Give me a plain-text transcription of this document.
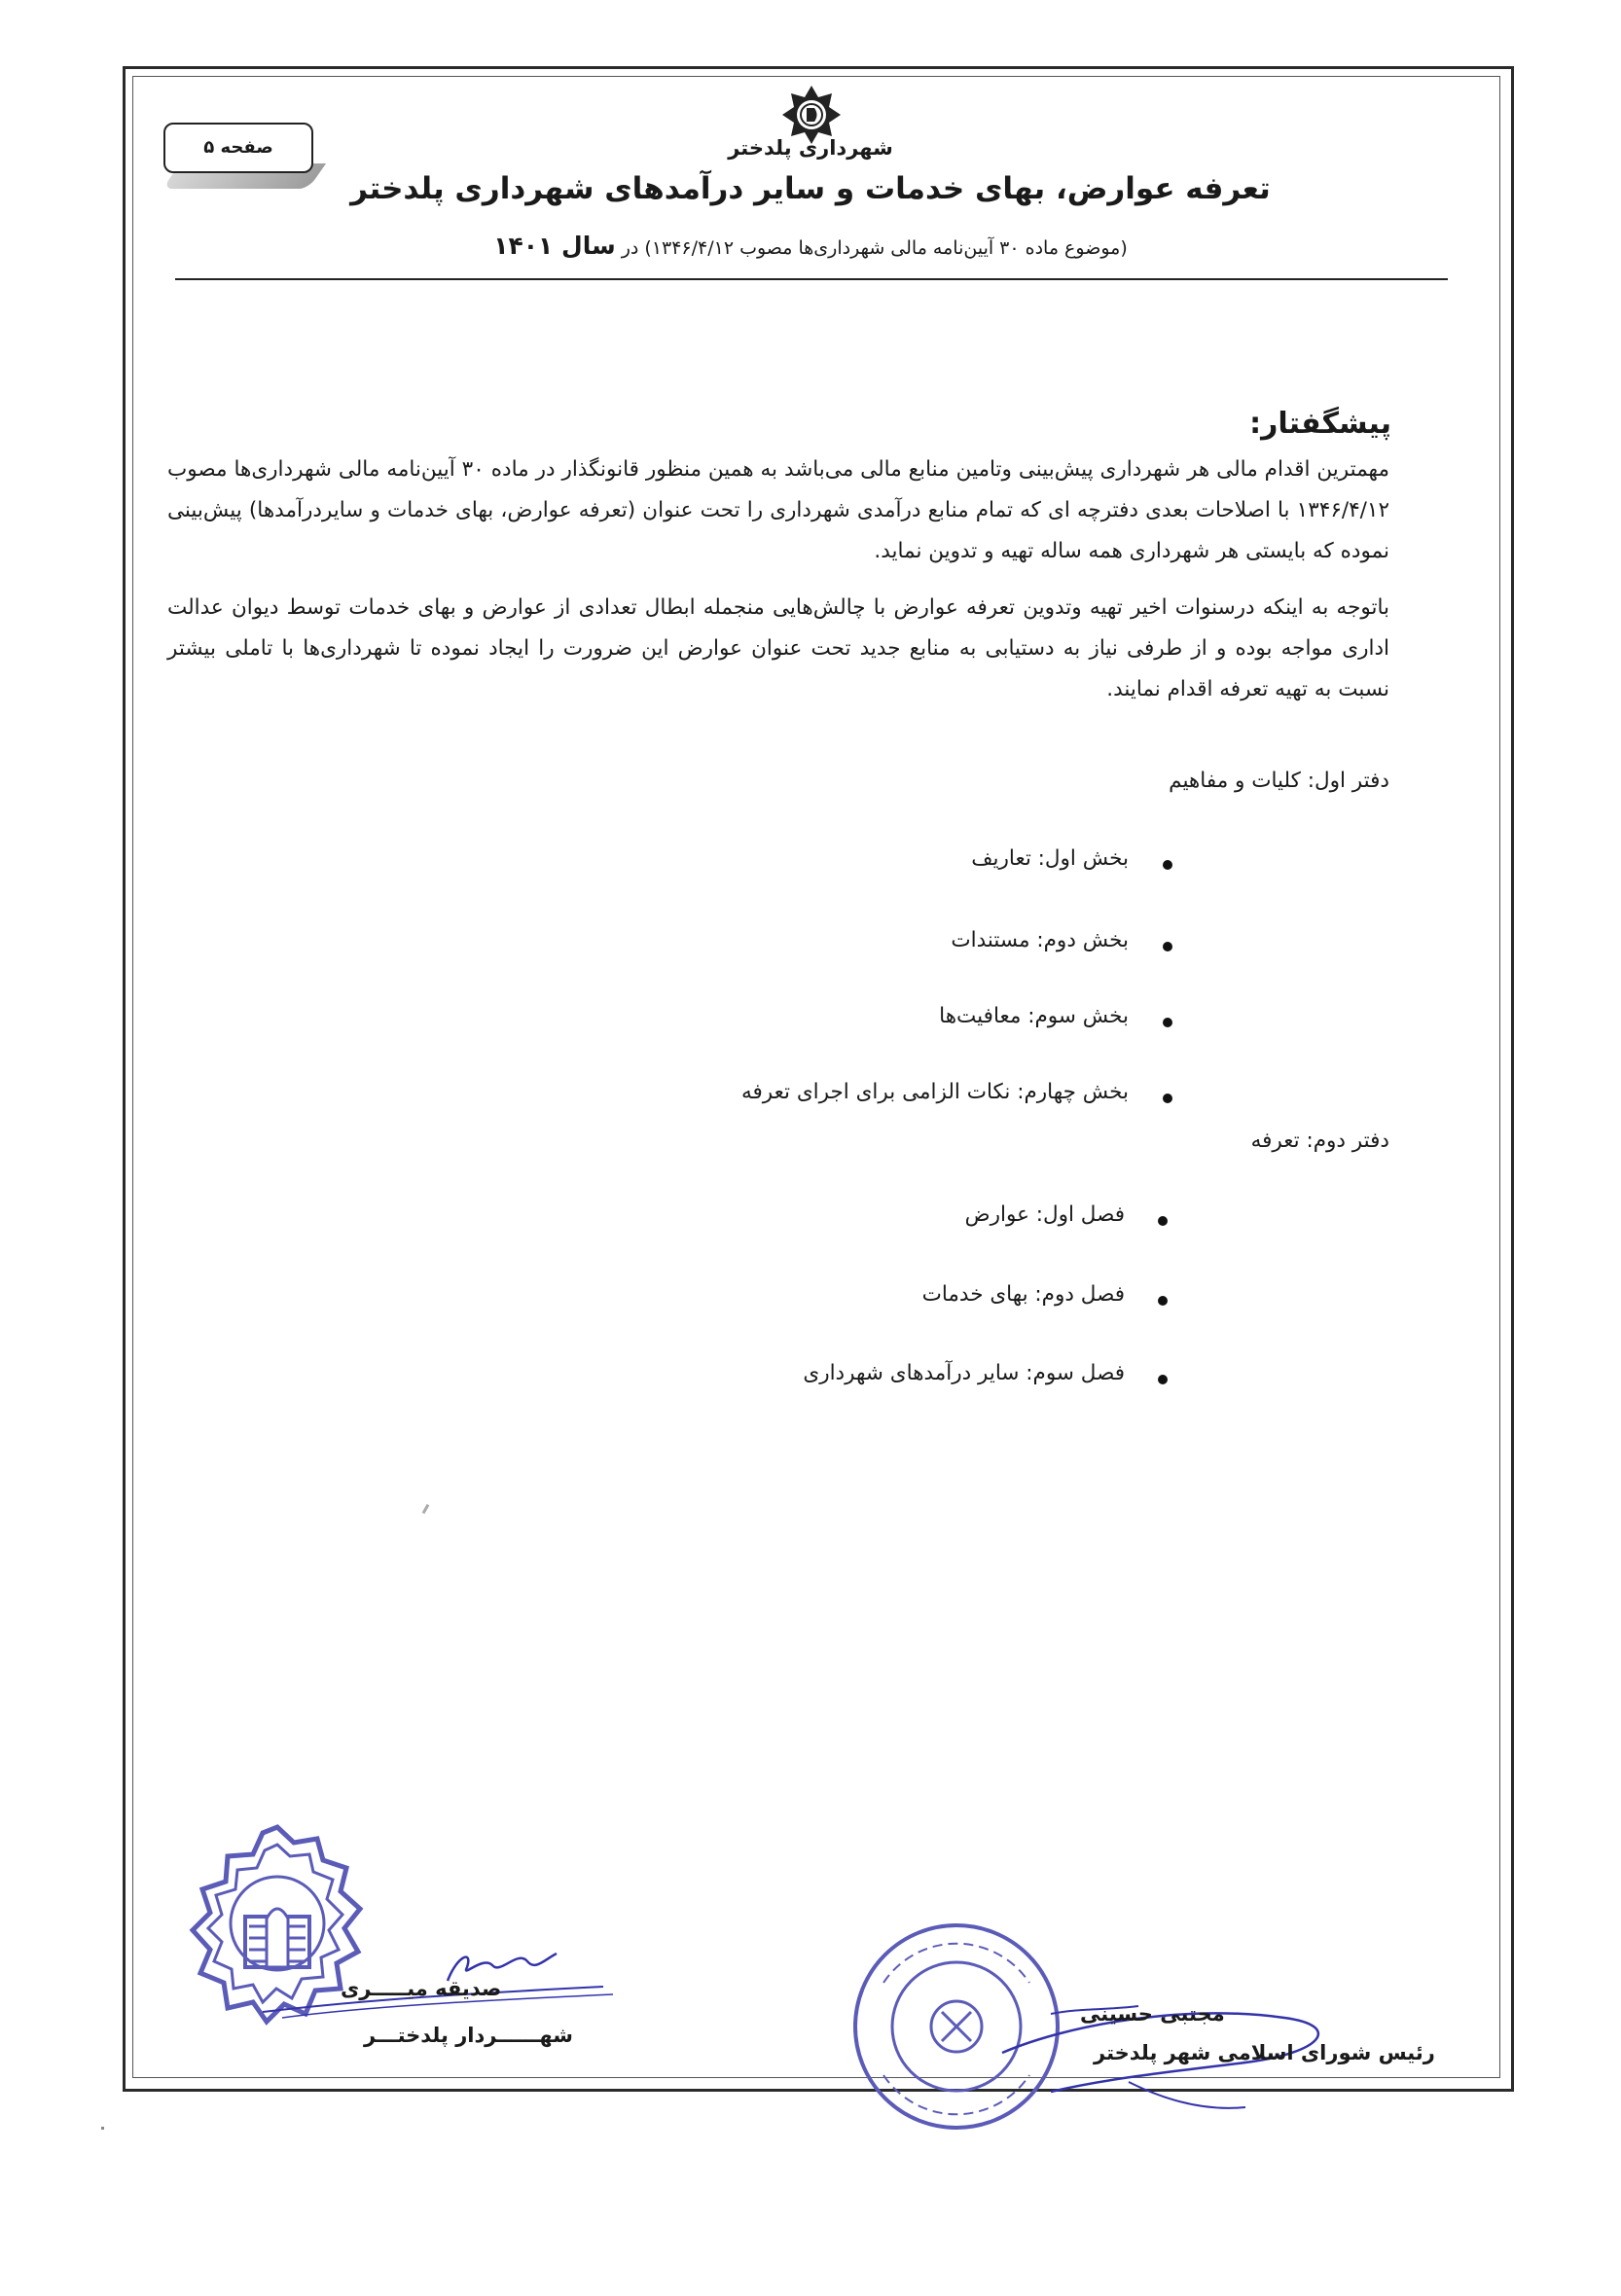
صفحه ۵	شهرداری پلدختر
تعرفه عوارض، بهای خدمات و سایر درآمدهای شهرداری پلدختر
(موضوع ماده ۳۰ آیین‌نامه مالی شهرداری‌ها مصوب ۱۳۴۶/۴/۱۲) در سال ۱۴۰۱
پیشگفتار:
مهمترین اقدام مالی هر شهرداری پیش‌بینی وتامین منابع مالی می‌باشد به همین منظور قانونگذار در ماده ۳۰ آیین‌نامه مالی شهرداری‌ها مصوب ۱۳۴۶/۴/۱۲ با اصلاحات بعدی دفترچه ای که تمام منابع درآمدی شهرداری را تحت عنوان (تعرفه عوارض، بهای خدمات و سایردرآمدها) پیش‌بینی نموده که بایستی هر شهرداری همه ساله تهیه و تدوین نماید.
باتوجه به اینکه درسنوات اخیر تهیه وتدوین تعرفه عوارض با چالش‌هایی منجمله ابطال تعدادی از عوارض و بهای خدمات توسط دیوان عدالت اداری مواجه بوده و از طرفی نیاز به دستیابی به منابع جدید تحت عنوان عوارض این ضرورت را ایجاد نموده تا شهرداری‌ها با تاملی بیشتر نسبت به تهیه تعرفه اقدام نمایند.
دفتر اول: کلیات و مفاهیم
بخش اول: تعاریف
بخش دوم: مستندات
بخش سوم: معافیت‌ها
بخش چهارم: نکات الزامی برای اجرای تعرفه
دفتر دوم: تعرفه
فصل اول: عوارض
فصل دوم: بهای خدمات
فصل سوم: سایر درآمدهای شهرداری
صدیقه میـــــری
شهــــــردار پلدختـــر
مجتبی حسینی
رئیس شورای اسلامی شهر پلدختر
